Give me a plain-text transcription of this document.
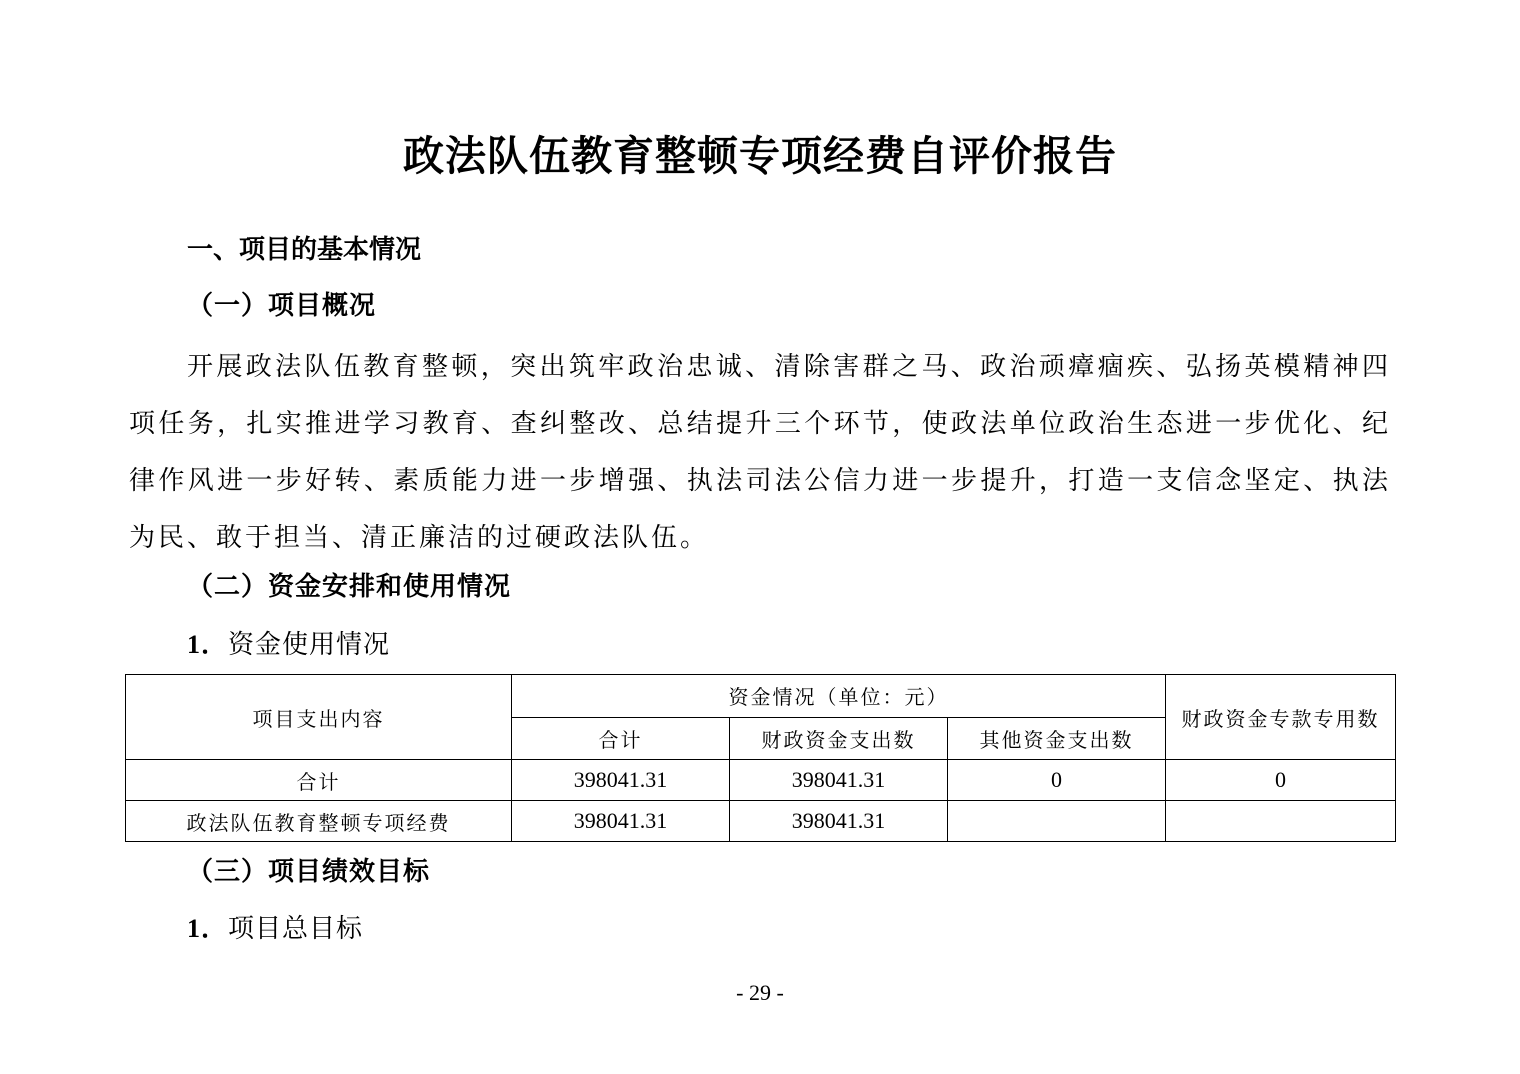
政法队伍教育整顿专项经费自评价报告
一、项目的基本情况
（一）项目概况
开展政法队伍教育整顿，突出筑牢政治忠诚、清除害群之马、政治顽瘴痼疾、弘扬英模精神四项任务，扎实推进学习教育、查纠整改、总结提升三个环节，使政法单位政治生态进一步优化、纪律作风进一步好转、素质能力进一步增强、执法司法公信力进一步提升，打造一支信念坚定、执法为民、敢于担当、清正廉洁的过硬政法队伍。
（二）资金安排和使用情况
1．资金使用情况
项目支出内容	资金情况（单位：元）			财政资金专款专用数
	合计	财政资金支出数	其他资金支出数	
合计	398041.31	398041.31	0	0
政法队伍教育整顿专项经费	398041.31	398041.31		
（三）项目绩效目标
1．项目总目标
- 29 -
